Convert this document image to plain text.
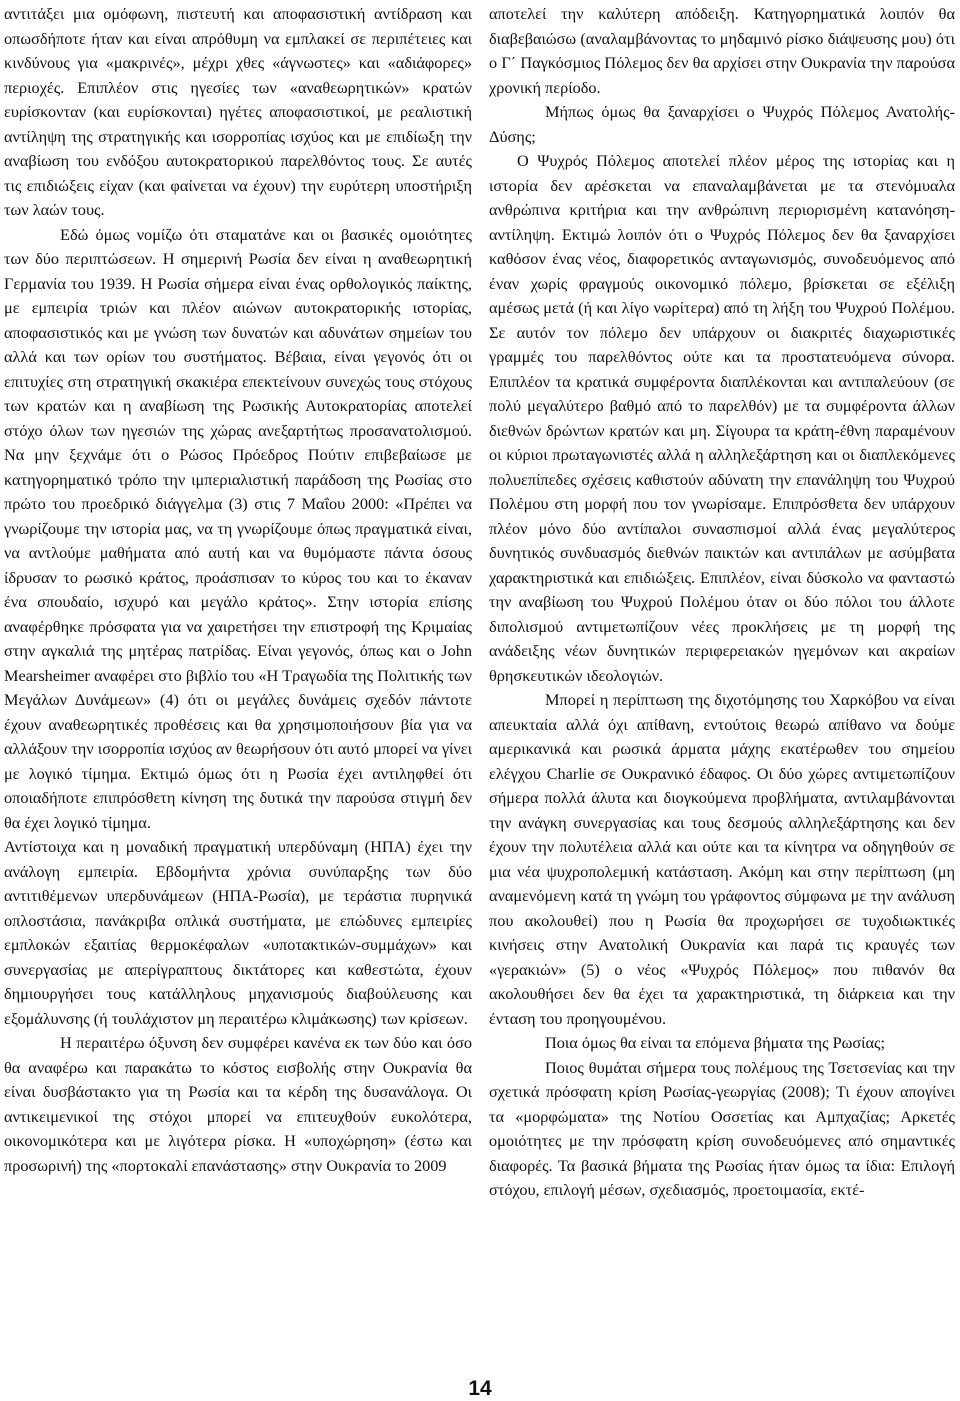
αντιτάξει μια ομόφωνη, πιστευτή και αποφασιστική αντίδραση και οπωσδήποτε ήταν και είναι απρόθυμη να εμπλακεί σε περιπέτειες και κινδύνους για «μακρινές», μέχρι χθες «άγνωστες» και «αδιάφορες» περιοχές. Επιπλέον στις ηγεσίες των «αναθεωρητικών» κρατών ευρίσκονταν (και ευρίσκονται) ηγέτες αποφασιστικοί, με ρεαλιστική αντίληψη της στρατηγικής και ισορροπίας ισχύος και με επιδίωξη την αναβίωση του ενδόξου αυτοκρατορικού παρελθόντος τους. Σε αυτές τις επιδιώξεις είχαν (και φαίνεται να έχουν) την ευρύτερη υποστήριξη των λαών τους.

Εδώ όμως νομίζω ότι σταματάνε και οι βασικές ομοιότητες των δύο περιπτώσεων. Η σημερινή Ρωσία δεν είναι η αναθεωρητική Γερμανία του 1939. Η Ρωσία σήμερα είναι ένας ορθολογικός παίκτης, με εμπειρία τριών και πλέον αιώνων αυτοκρατορικής ιστορίας, αποφασιστικός και με γνώση των δυνατών και αδυνάτων σημείων του αλλά και των ορίων του συστήματος. Βέβαια, είναι γεγονός ότι οι επιτυχίες στη στρατηγική σκακιέρα επεκτείνουν συνεχώς τους στόχους των κρατών και η αναβίωση της Ρωσικής Αυτοκρατορίας αποτελεί στόχο όλων των ηγεσιών της χώρας ανεξαρτήτως προσανατολισμού. Να μην ξεχνάμε ότι ο Ρώσος Πρόεδρος Πούτιν επιβεβαίωσε με κατηγορηματικό τρόπο την ιμπεριαλιστική παράδοση της Ρωσίας στο πρώτο του προεδρικό διάγγελμα (3) στις 7 Μαΐου 2000: «Πρέπει να γνωρίζουμε την ιστορία μας, να τη γνωρίζουμε όπως πραγματικά είναι, να αντλούμε μαθήματα από αυτή και να θυμόμαστε πάντα όσους ίδρυσαν το ρωσικό κράτος, προάσπισαν το κύρος του και το έκαναν ένα σπουδαίο, ισχυρό και μεγάλο κράτος». Στην ιστορία επίσης αναφέρθηκε πρόσφατα για να χαιρετήσει την επιστροφή της Κριμαίας στην αγκαλιά της μητέρας πατρίδας. Είναι γεγονός, όπως και ο John Mearsheimer αναφέρει στο βιβλίο του «Η Τραγωδία της Πολιτικής των Μεγάλων Δυνάμεων» (4) ότι οι μεγάλες δυνάμεις σχεδόν πάντοτε έχουν αναθεωρητικές προθέσεις και θα χρησιμοποιήσουν βία για να αλλάξουν την ισορροπία ισχύος αν θεωρήσουν ότι αυτό μπορεί να γίνει με λογικό τίμημα. Εκτιμώ όμως ότι η Ρωσία έχει αντιληφθεί ότι οποιαδήποτε επιπρόσθετη κίνηση της δυτικά την παρούσα στιγμή δεν θα έχει λογικό τίμημα.

Αντίστοιχα και η μοναδική πραγματική υπερδύναμη (ΗΠΑ) έχει την ανάλογη εμπειρία. Εβδομήντα χρόνια συνύπαρξης των δύο αντιτιθέμενων υπερδυνάμεων (ΗΠΑ-Ρωσία), με τεράστια πυρηνικά οπλοστάσια, πανάκριβα οπλικά συστήματα, με επώδυνες εμπειρίες εμπλοκών εξαιτίας θερμοκέφαλων «υποτακτικών-συμμάχων» και συνεργασίας με απερίγραπτους δικτάτορες και καθεστώτα, έχουν δημιουργήσει τους κατάλληλους μηχανισμούς διαβούλευσης και εξομάλυνσης (ή τουλάχιστον μη περαιτέρω κλιμάκωσης) των κρίσεων.

Η περαιτέρω όξυνση δεν συμφέρει κανένα εκ των δύο και όσο θα αναφέρω και παρακάτω το κόστος εισβολής στην Ουκρανία θα είναι δυσβάστακτο για τη Ρωσία και τα κέρδη της δυσανάλογα. Οι αντικειμενικοί της στόχοι μπορεί να επιτευχθούν ευκολότερα, οικονομικότερα και με λιγότερα ρίσκα. Η «υποχώρηση» (έστω και προσωρινή) της «πορτοκαλί επανάστασης» στην Ουκρανία το 2009

αποτελεί την καλύτερη απόδειξη. Κατηγορηματικά λοιπόν θα διαβεβαιώσω (αναλαμβάνοντας το μηδαμινό ρίσκο διάψευσης μου) ότι ο Γ΄ Παγκόσμιος Πόλεμος δεν θα αρχίσει στην Ουκρανία την παρούσα χρονική περίοδο.

Μήπως όμως θα ξαναρχίσει ο Ψυχρός Πόλεμος Ανατολής-Δύσης;

Ο Ψυχρός Πόλεμος αποτελεί πλέον μέρος της ιστορίας και η ιστορία δεν αρέσκεται να επαναλαμβάνεται με τα στενόμυαλα ανθρώπινα κριτήρια και την ανθρώπινη περιορισμένη κατανόηση-αντίληψη. Εκτιμώ λοιπόν ότι ο Ψυχρός Πόλεμος δεν θα ξαναρχίσει καθόσον ένας νέος, διαφορετικός ανταγωνισμός, συνοδευόμενος από έναν χωρίς φραγμούς οικονομικό πόλεμο, βρίσκεται σε εξέλιξη αμέσως μετά (ή και λίγο νωρίτερα) από τη λήξη του Ψυχρού Πολέμου. Σε αυτόν τον πόλεμο δεν υπάρχουν οι διακριτές διαχωριστικές γραμμές του παρελθόντος ούτε και τα προστατευόμενα σύνορα. Επιπλέον τα κρατικά συμφέροντα διαπλέκονται και αντιπαλεύουν (σε πολύ μεγαλύτερο βαθμό από το παρελθόν) με τα συμφέροντα άλλων διεθνών δρώντων κρατών και μη. Σίγουρα τα κράτη-έθνη παραμένουν οι κύριοι πρωταγωνιστές αλλά η αλληλεξάρτηση και οι διαπλεκόμενες πολυεπίπεδες σχέσεις καθιστούν αδύνατη την επανάληψη του Ψυχρού Πολέμου στη μορφή που τον γνωρίσαμε. Επιπρόσθετα δεν υπάρχουν πλέον μόνο δύο αντίπαλοι συνασπισμοί αλλά ένας μεγαλύτερος δυνητικός συνδυασμός διεθνών παικτών και αντιπάλων με ασύμβατα χαρακτηριστικά και επιδιώξεις. Επιπλέον, είναι δύσκολο να φανταστώ την αναβίωση του Ψυχρού Πολέμου όταν οι δύο πόλοι του άλλοτε διπολισμού αντιμετωπίζουν νέες προκλήσεις με τη μορφή της ανάδειξης νέων δυνητικών περιφερειακών ηγεμόνων και ακραίων θρησκευτικών ιδεολογιών.

Μπορεί η περίπτωση της διχοτόμησης του Χαρκόβου να είναι απευκταία αλλά όχι απίθανη, εντούτοις θεωρώ απίθανο να δούμε αμερικανικά και ρωσικά άρματα μάχης εκατέρωθεν του σημείου ελέγχου Charlie σε Ουκρανικό έδαφος. Οι δύο χώρες αντιμετωπίζουν σήμερα πολλά άλυτα και διογκούμενα προβλήματα, αντιλαμβάνονται την ανάγκη συνεργασίας και τους δεσμούς αλληλεξάρτησης και δεν έχουν την πολυτέλεια αλλά και ούτε και τα κίνητρα να οδηγηθούν σε μια νέα ψυχροπολεμική κατάσταση. Ακόμη και στην περίπτωση (μη αναμενόμενη κατά τη γνώμη του γράφοντος σύμφωνα με την ανάλυση που ακολουθεί) που η Ρωσία θα προχωρήσει σε τυχοδιωκτικές κινήσεις στην Ανατολική Ουκρανία και παρά τις κραυγές των «γερακιών» (5) ο νέος «Ψυχρός Πόλεμος» που πιθανόν θα ακολουθήσει δεν θα έχει τα χαρακτηριστικά, τη διάρκεια και την ένταση του προηγουμένου.

Ποια όμως θα είναι τα επόμενα βήματα της Ρωσίας;

Ποιος θυμάται σήμερα τους πολέμους της Τσετσενίας και την σχετικά πρόσφατη κρίση Ρωσίας-γεωργίας (2008); Τι έχουν απογίνει τα «μορφώματα» της Νοτίου Οσσετίας και Αμπχαζίας; Αρκετές ομοιότητες με την πρόσφατη κρίση συνοδευόμενες από σημαντικές διαφορές. Τα βασικά βήματα της Ρωσίας ήταν όμως τα ίδια: Επιλογή στόχου, επιλογή μέσων, σχεδιασμός, προετοιμασία, εκτέ-

14
